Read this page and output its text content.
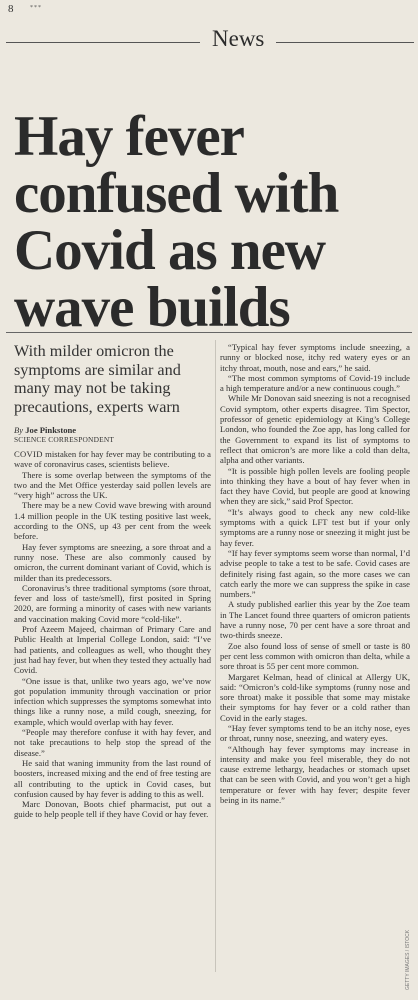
8	***
News
Hay fever
confused with
Covid as new
wave builds
With milder omicron the symptoms are similar and many may not be taking precautions, experts warn
By Joe Pinkstone
SCIENCE CORRESPONDENT

COVID mistaken for hay fever may be contributing to a wave of coronavirus cases, scientists believe.

There is some overlap between the symptoms of the two and the Met Office yesterday said pollen levels are “very high” across the UK.

There may be a new Covid wave brewing with around 1.4 million people in the UK testing positive last week, according to the ONS, up 43 per cent from the week before.

Hay fever symptoms are sneezing, a sore throat and a runny nose. These are also commonly caused by omicron, the current dominant variant of Covid, which is milder than its predecessors.

Coronavirus’s three traditional symptoms (sore throat, fever and loss of taste/smell), first posited in Spring 2020, are forming a minority of cases with new variants and vaccination making Covid more “cold-like”.

Prof Azeem Majeed, chairman of Primary Care and Public Health at Imperial College London, said: “I’ve had patients, and colleagues as well, who thought they just had hay fever, but when they tested they actually had Covid.

“One issue is that, unlike two years ago, we’ve now got population immunity through vaccination or prior infection which suppresses the symptoms somewhat into things like a runny nose, a mild cough, sneezing, for example, which would overlap with hay fever.

“People may therefore confuse it with hay fever, and not take precautions to help stop the spread of the disease.”

He said that waning immunity from the last round of boosters, increased mixing and the end of free testing are all contributing to the uptick in Covid cases, but confusion caused by hay fever is adding to this as well.

Marc Donovan, Boots chief pharmacist, put out a guide to help people tell if they have Covid or hay fever.

“Typical hay fever symptoms include sneezing, a runny or blocked nose, itchy red watery eyes or an itchy throat, mouth, nose and ears,” he said.

“The most common symptoms of Covid-19 include a high temperature and/or a new continuous cough.”

While Mr Donovan said sneezing is not a recognised Covid symptom, other experts disagree. Tim Spector, professor of genetic epidemiology at King’s College London, who founded the Zoe app, has long called for the Government to expand its list of symptoms to reflect that omicron’s are more like a cold than delta, alpha and other variants.

“It is possible high pollen levels are fooling people into thinking they have a bout of hay fever when in fact they have Covid, but people are good at knowing when they are sick,” said Prof Spector.

“It’s always good to check any new cold-like symptoms with a quick LFT test but if your only symptoms are a runny nose or sneezing it might just be hay fever.

“If hay fever symptoms seem worse than normal, I’d advise people to take a test to be safe. Covid cases are definitely rising fast again, so the more cases we can catch early the more we can suppress the spike in case numbers.”

A study published earlier this year by the Zoe team in The Lancet found three quarters of omicron patients have a runny nose, 70 per cent have a sore throat and two-thirds sneeze.

Zoe also found loss of sense of smell or taste is 80 per cent less common with omicron than delta, while a sore throat is 55 per cent more common.

Margaret Kelman, head of clinical at Allergy UK, said: “Omicron’s cold-like symptoms (runny nose and sore throat) make it possible that some may mistake their symptoms for hay fever or a cold rather than Covid in the early stages.

“Hay fever symptoms tend to be an itchy nose, eyes or throat, runny nose, sneezing, and watery eyes.

“Although hay fever symptoms may increase in intensity and make you feel miserable, they do not cause extreme lethargy, headaches or stomach upset that can be seen with Covid, and you won’t get a high temperature or fever with hay fever; despite fever being in its name.”

GETTY IMAGES / ISTOCK
